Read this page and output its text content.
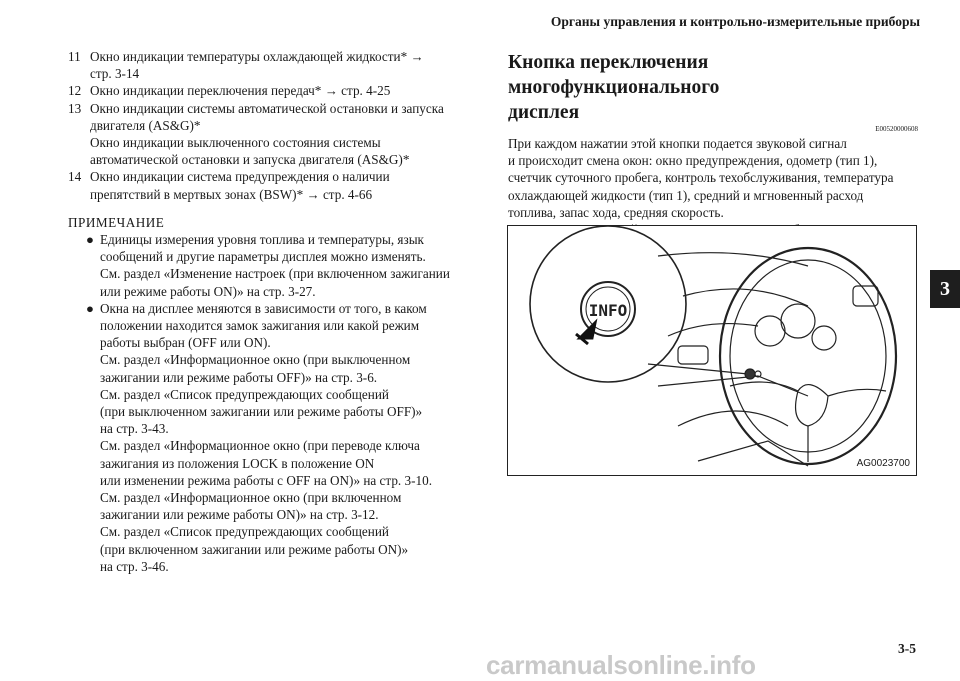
Органы управления и контрольно-измерительные приборы
3
11 Окно индикации температуры охлаждающей жидкости* →
стр. 3-14
12 Окно индикации переключения передач* → стр. 4-25
13 Окно индикации системы автоматической остановки и запуска
двигателя (AS&G)*
Окно индикации выключенного состояния системы
автоматической остановки и запуска двигателя (AS&G)*
14 Окно индикации система предупреждения о наличии
препятствий в мертвых зонах (BSW)* → стр. 4-66
ПРИМЕЧАНИЕ
● Единицы измерения уровня топлива и температуры, язык
сообщений и другие параметры дисплея можно изменять.
См. раздел «Изменение настроек (при включенном зажигании
или режиме работы ON)» на стр. 3-27.
● Окна на дисплее меняются в зависимости от того, в каком
положении находится замок зажигания или какой режим
работы выбран (OFF или ON).
См. раздел «Информационное окно (при выключенном
зажигании или режиме работы OFF)» на стр. 3-6.
См. раздел «Список предупреждающих сообщений
(при выключенном зажигании или режиме работы OFF)»
на стр. 3-43.
См. раздел «Информационное окно (при переводе ключа
зажигания из положения LOCK в положение ON
или изменении режима работы с OFF на ON)» на стр. 3-10.
См. раздел «Информационное окно (при включенном
зажигании или режиме работы ON)» на стр. 3-12.
См. раздел «Список предупреждающих сообщений
(при включенном зажигании или режиме работы ON)»
на стр. 3-46.
Кнопка переключения многофункционального
дисплея
E00520000608
При каждом нажатии этой кнопки подается звуковой сигнал
и происходит смена окон: окно предупреждения, одометр (тип 1),
счетчик суточного пробега, контроль техобслуживания, температура
охлаждающей жидкости (тип 1), средний и мгновенный расход
топлива, запас хода, средняя скорость.
INFO
AG0023700
3-5
carmanualsonline.info
